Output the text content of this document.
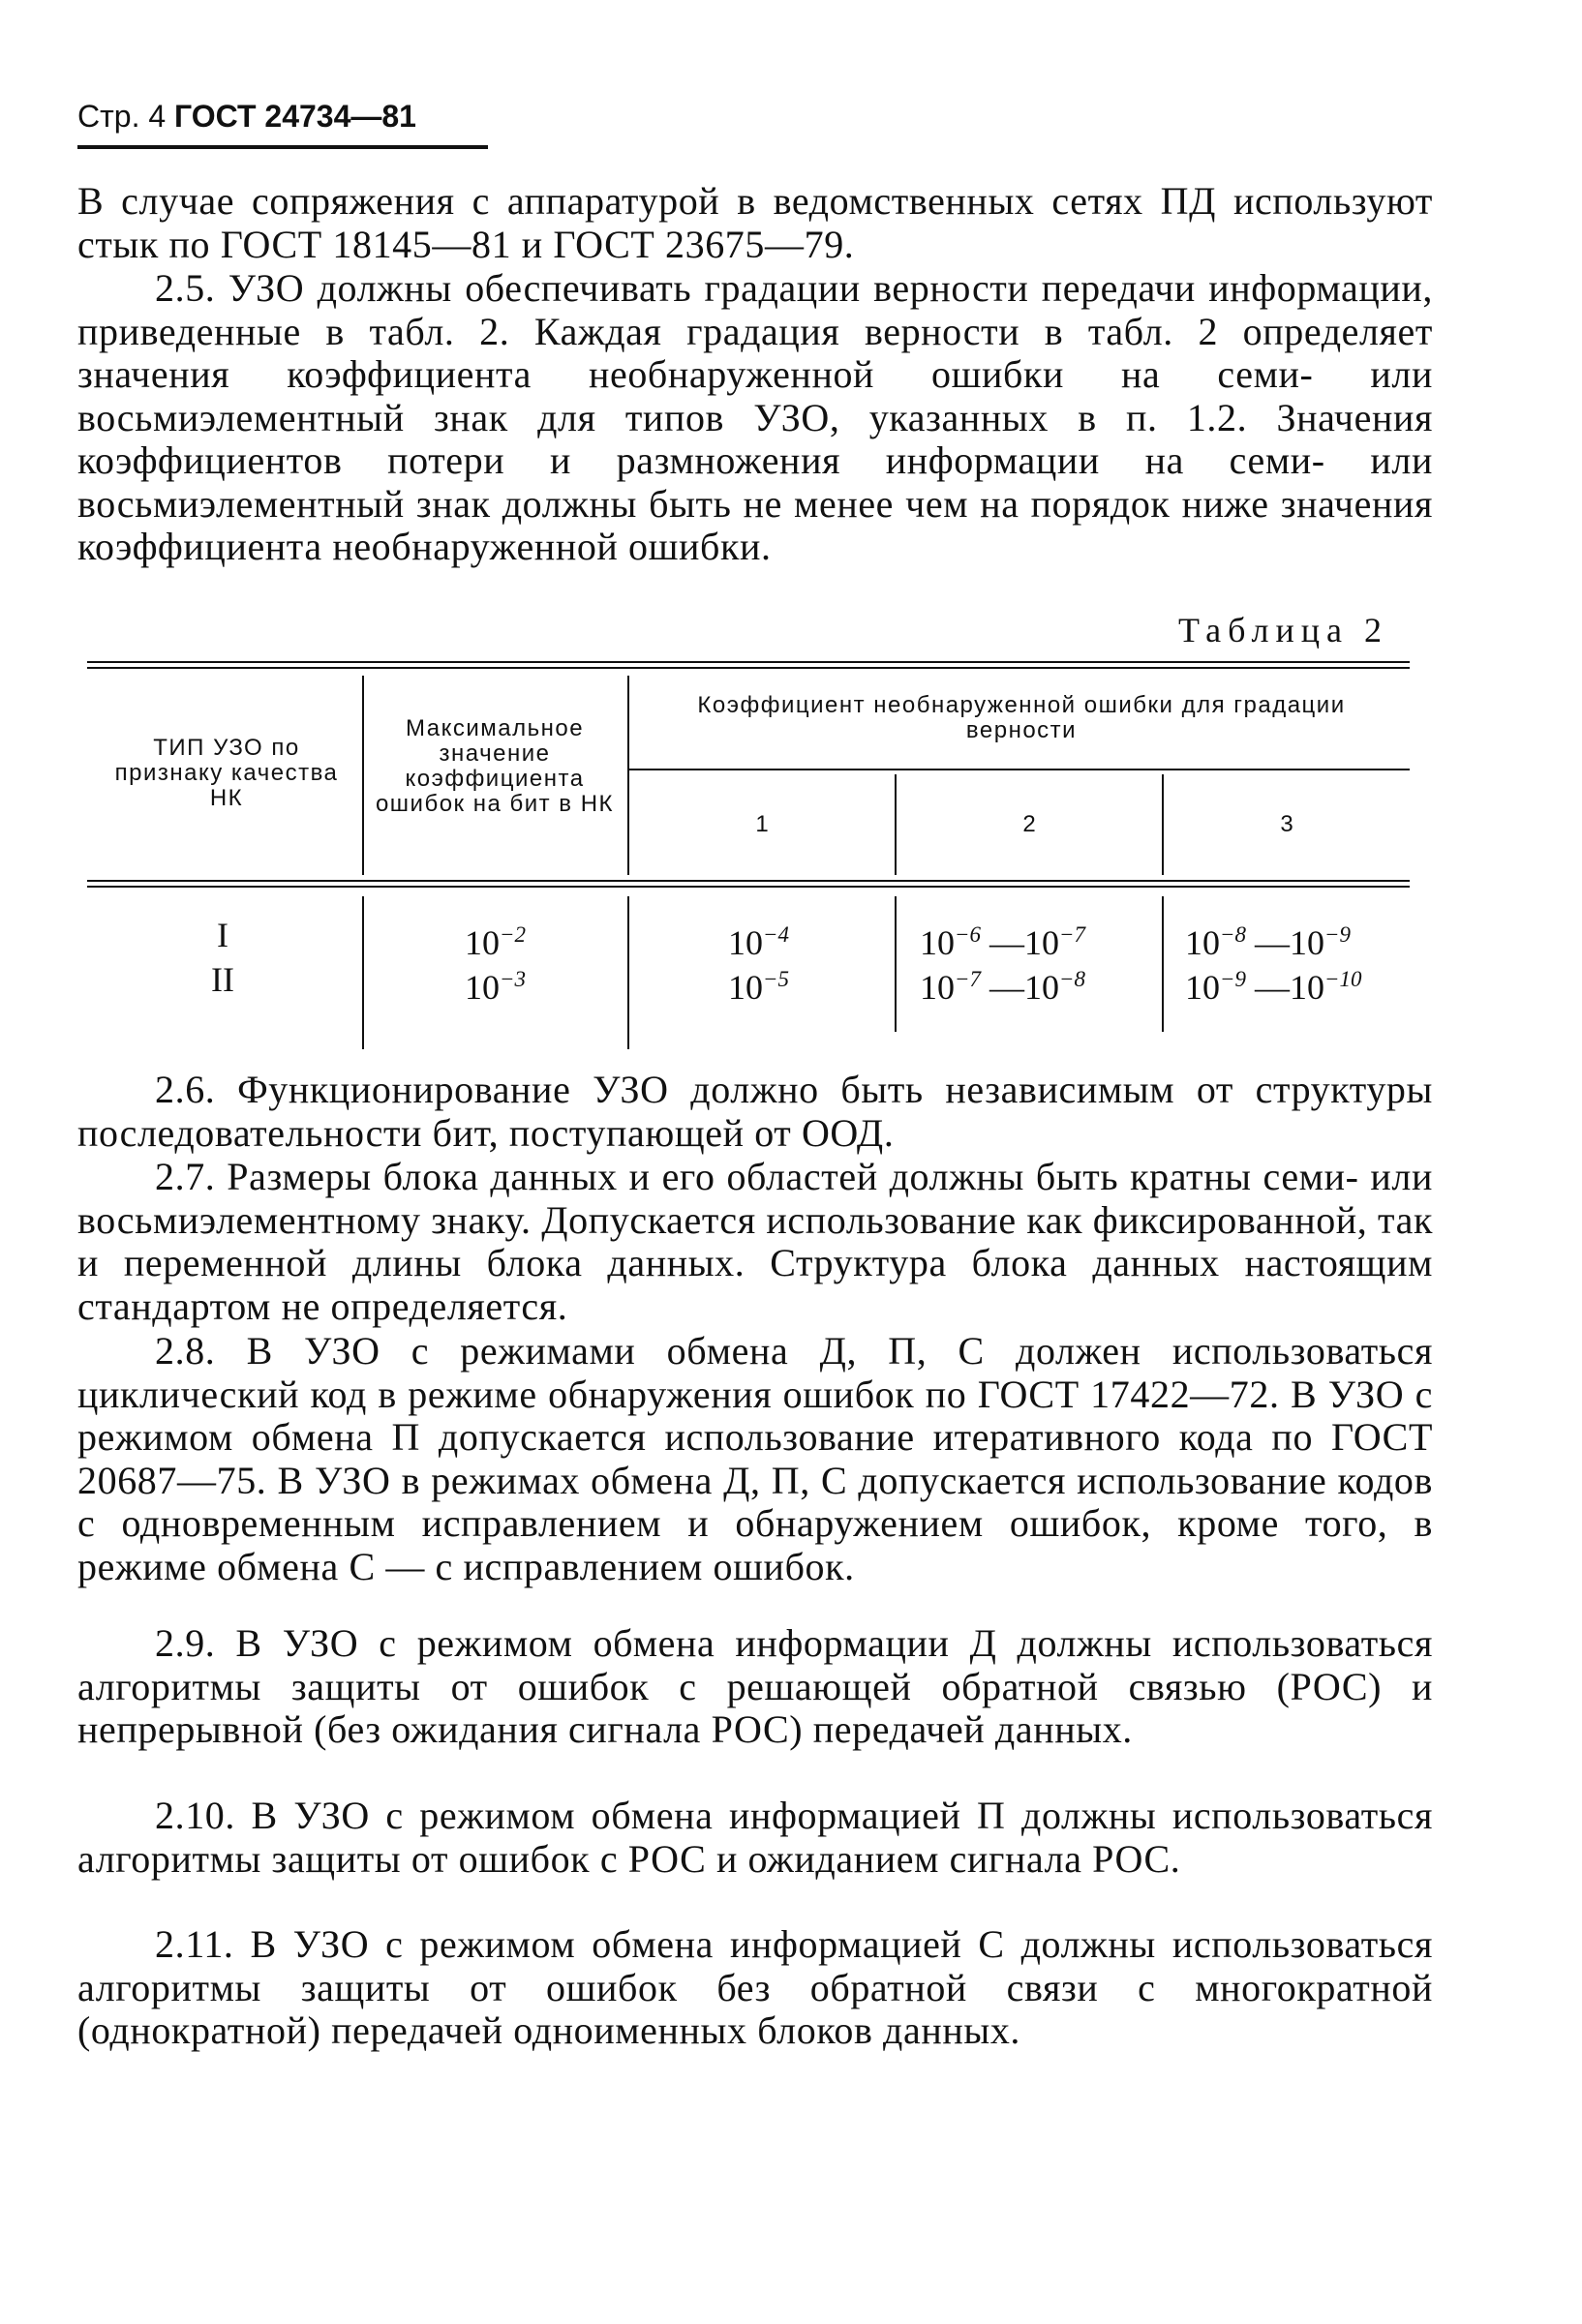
Стр. 4 ГОСТ 24734—81

В случае сопряжения с аппаратурой в ведомственных сетях ПД используют стык по ГОСТ 18145—81 и ГОСТ 23675—79.

2.5. УЗО должны обеспечивать градации верности передачи информации, приведенные в табл. 2. Каждая градация верности в табл. 2 определяет значения коэффициента необнаруженной ошибки на семи- или восьмиэлементный знак для типов УЗО, указанных в п. 1.2. Значения коэффициентов потери и размножения информации на семи- или восьмиэлементный знак должны быть не менее чем на порядок ниже значения коэффициента необнаруженной ошибки.

Таблица 2
ТИП УЗО по признаку качества НК
Максимальное значение коэффициента ошибок на бит в НК
Коэффициент необнаруженной ошибки для градации верности
1	2	3
I	$10^{-2}$	$10^{-4}$	$10^{-6}$ $—10^{-7}$	$10^{-8}$ $—10^{-9}$
II	$10^{-3}$	$10^{-5}$	$10^{-7}$ $—10^{-8}$	$10^{-9}$ $—10^{-10}$

2.6. Функционирование УЗО должно быть независимым от структуры последовательности бит, поступающей от ООД.

2.7. Размеры блока данных и его областей должны быть кратны семи- или восьмиэлементному знаку. Допускается использование как фиксированной, так и переменной длины блока данных. Структура блока данных настоящим стандартом не определяется.

2.8. В УЗО с режимами обмена Д, П, С должен использоваться циклический код в режиме обнаружения ошибок по ГОСТ 17422—72. В УЗО с режимом обмена П допускается использование итеративного кода по ГОСТ 20687—75. В УЗО в режимах обмена Д, П, С допускается использование кодов с одновременным исправлением и обнаружением ошибок, кроме того, в режиме обмена С — с исправлением ошибок.

2.9. В УЗО с режимом обмена информации Д должны использоваться алгоритмы защиты от ошибок с решающей обратной связью (РОС) и непрерывной (без ожидания сигнала РОС) передачей данных.

2.10. В УЗО с режимом обмена информацией П должны использоваться алгоритмы защиты от ошибок с РОС и ожиданием сигнала РОС.

2.11. В УЗО с режимом обмена информацией С должны использоваться алгоритмы защиты от ошибок без обратной связи с многократной (однократной) передачей одноименных блоков данных.
